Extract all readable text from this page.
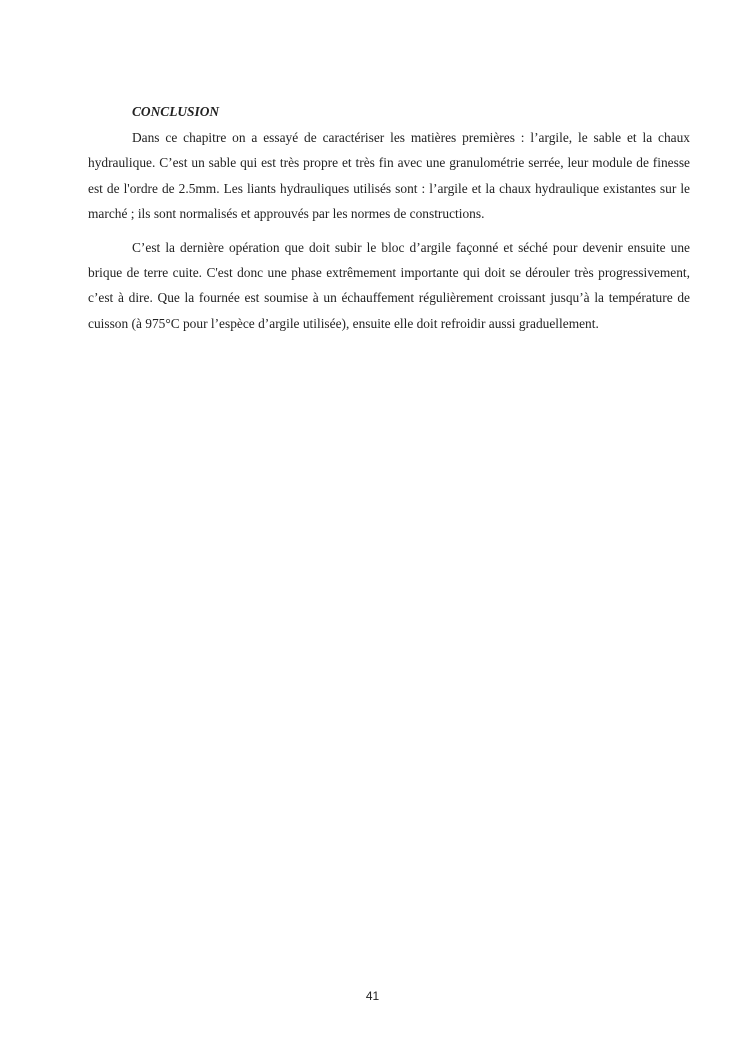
CONCLUSION

Dans ce chapitre on a essayé de caractériser les matières premières : l’argile, le sable et la chaux hydraulique. C’est un sable qui est très propre et très fin avec une granulométrie serrée, leur module de finesse est de l'ordre de 2.5mm. Les liants hydrauliques utilisés sont : l’argile et la chaux hydraulique existantes sur le marché ; ils sont normalisés et approuvés par les normes de constructions.

C’est la dernière opération que doit subir le bloc d’argile façonné et séché pour devenir ensuite une brique de terre cuite. C'est donc une phase extrêmement importante qui doit se dérouler très progressivement, c’est à dire. Que la fournée est soumise à un échauffement régulièrement croissant jusqu’à la température de cuisson (à 975°C pour l’espèce d’argile utilisée), ensuite elle doit refroidir aussi graduellement.

41
